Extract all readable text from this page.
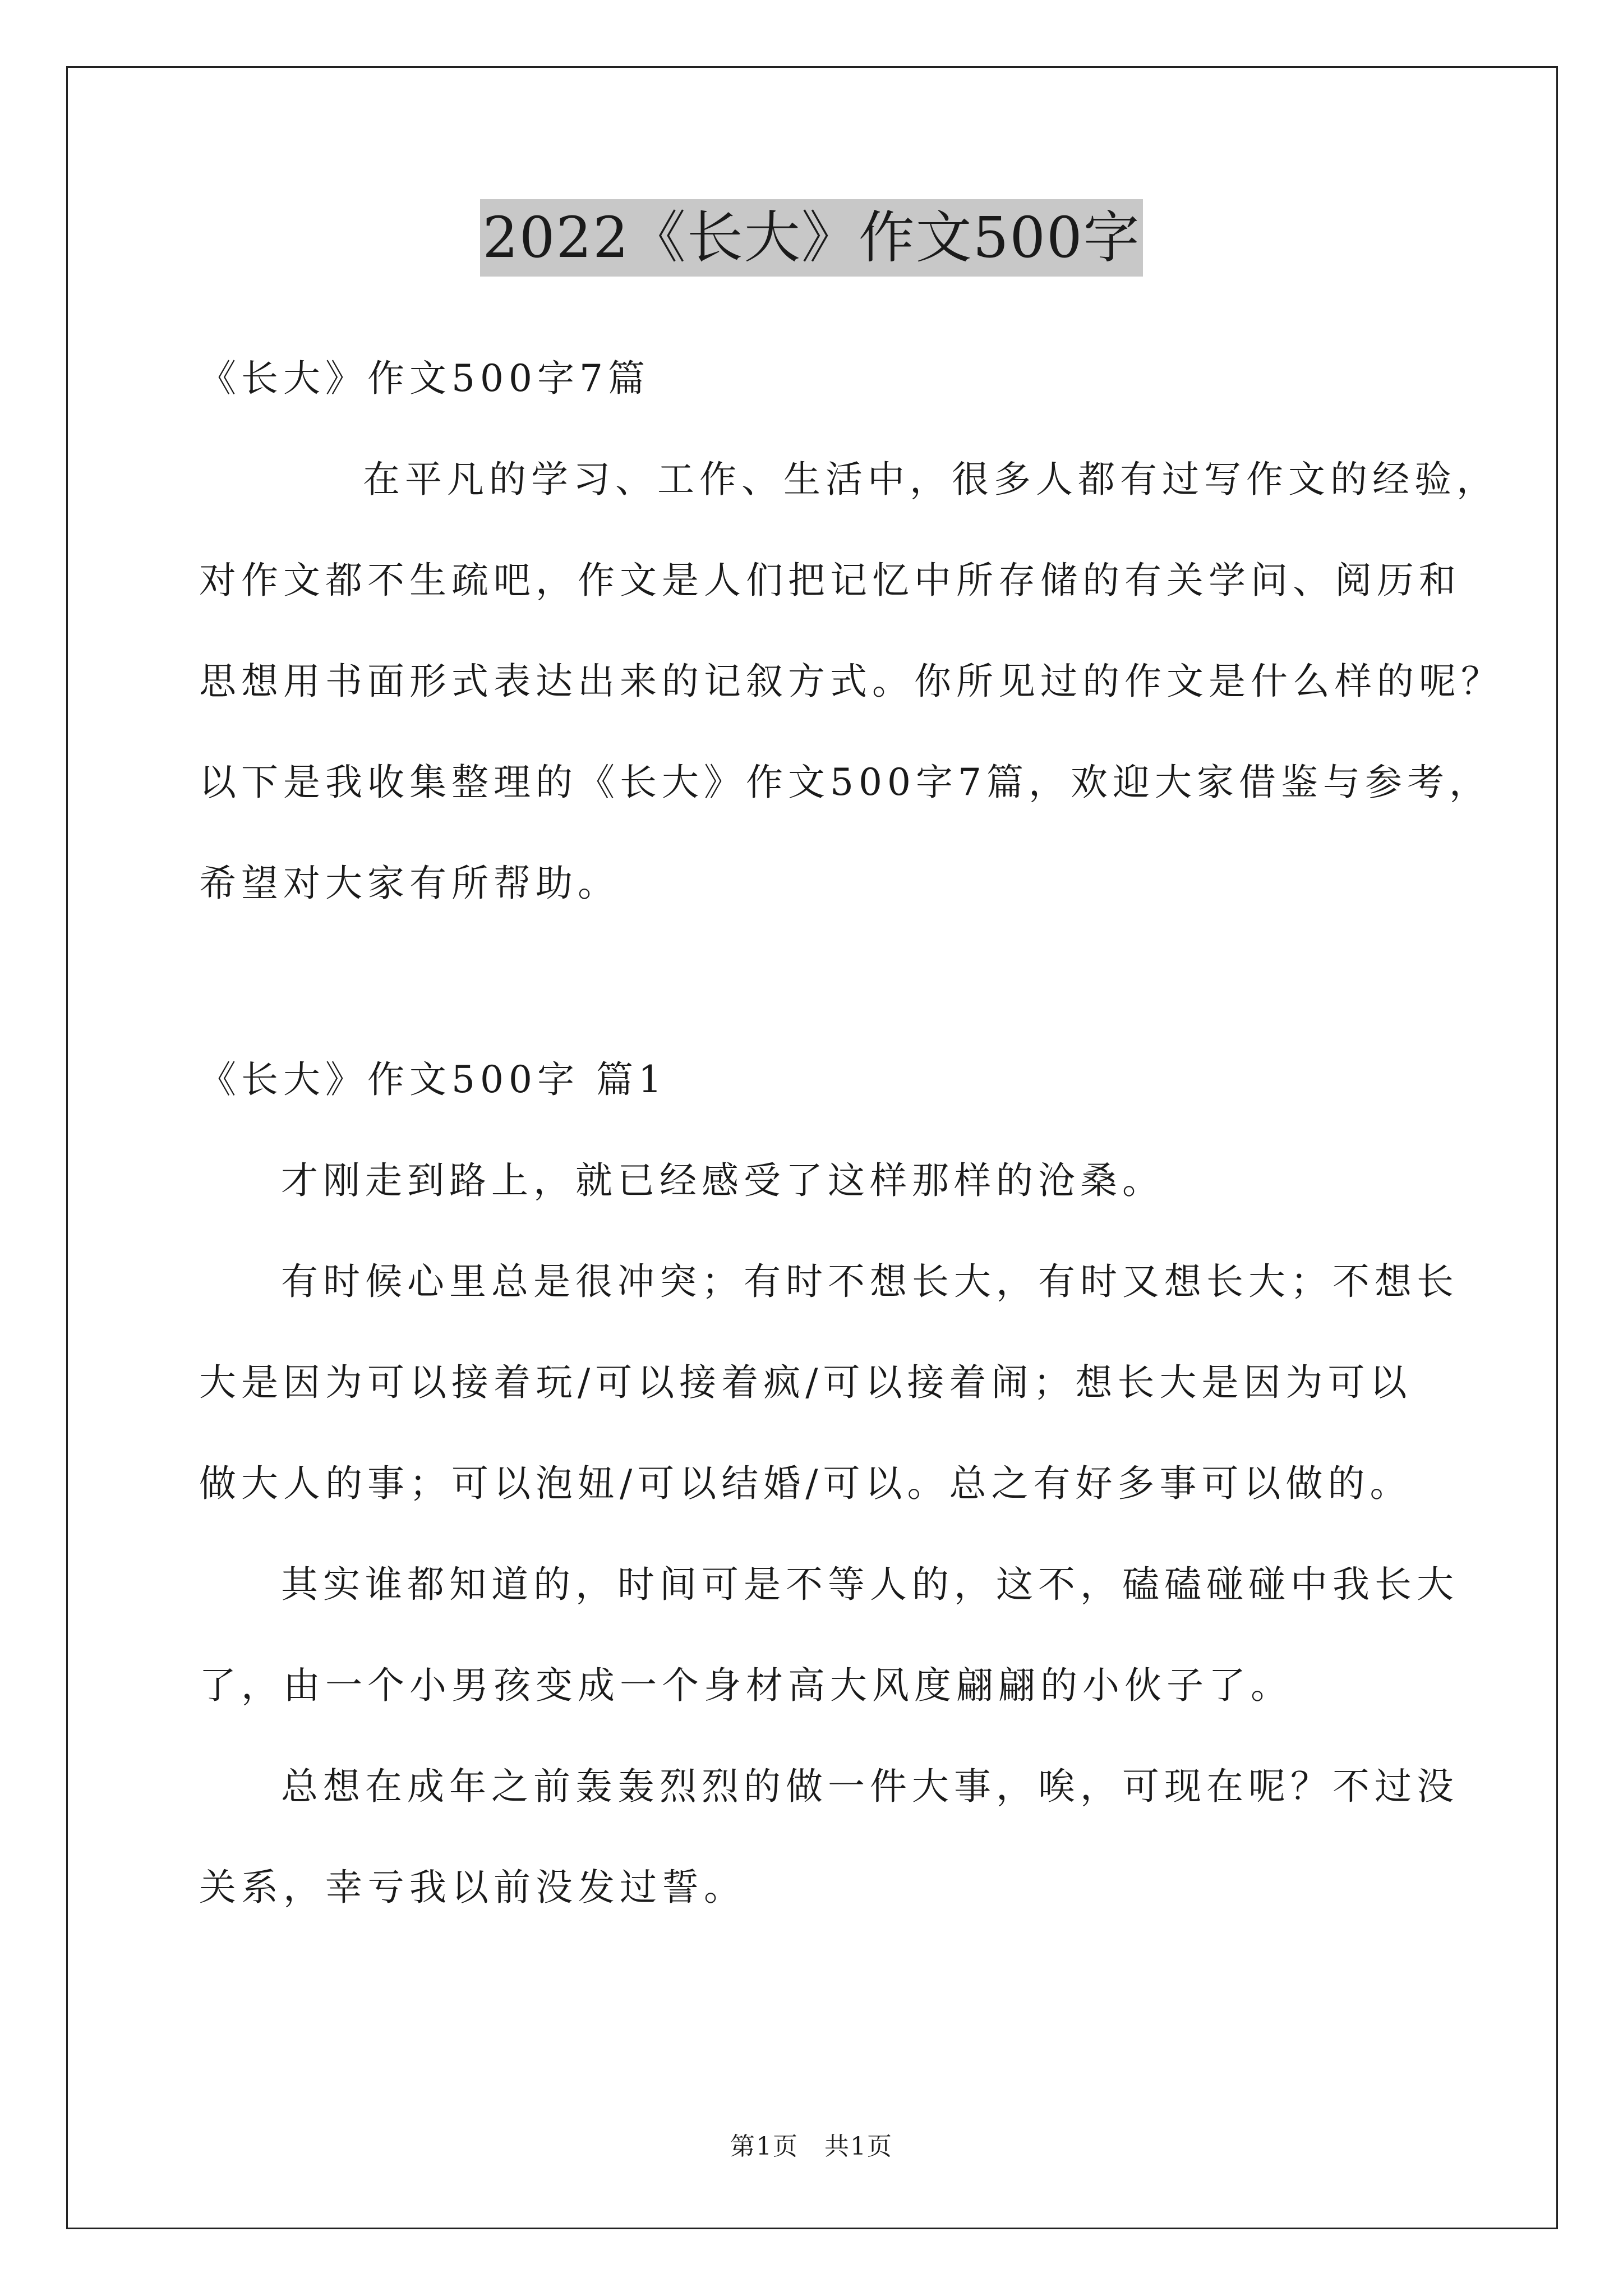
2022《长大》作文500字
《长大》作文500字7篇
在平凡的学习、工作、生活中，很多人都有过写作文的经验，
对作文都不生疏吧，作文是人们把记忆中所存储的有关学问、阅历和
思想用书面形式表达出来的记叙方式。你所见过的作文是什么样的呢？
以下是我收集整理的《长大》作文500字7篇，欢迎大家借鉴与参考，
希望对大家有所帮助。
《长大》作文500字 篇1
才刚走到路上，就已经感受了这样那样的沧桑。
有时候心里总是很冲突；有时不想长大，有时又想长大；不想长
大是因为可以接着玩/可以接着疯/可以接着闹；想长大是因为可以
做大人的事；可以泡妞/可以结婚/可以。总之有好多事可以做的。
其实谁都知道的，时间可是不等人的，这不，磕磕碰碰中我长大
了，由一个小男孩变成一个身材高大风度翩翩的小伙子了。
总想在成年之前轰轰烈烈的做一件大事，唉，可现在呢？不过没
关系，幸亏我以前没发过誓。
第1页　共1页
